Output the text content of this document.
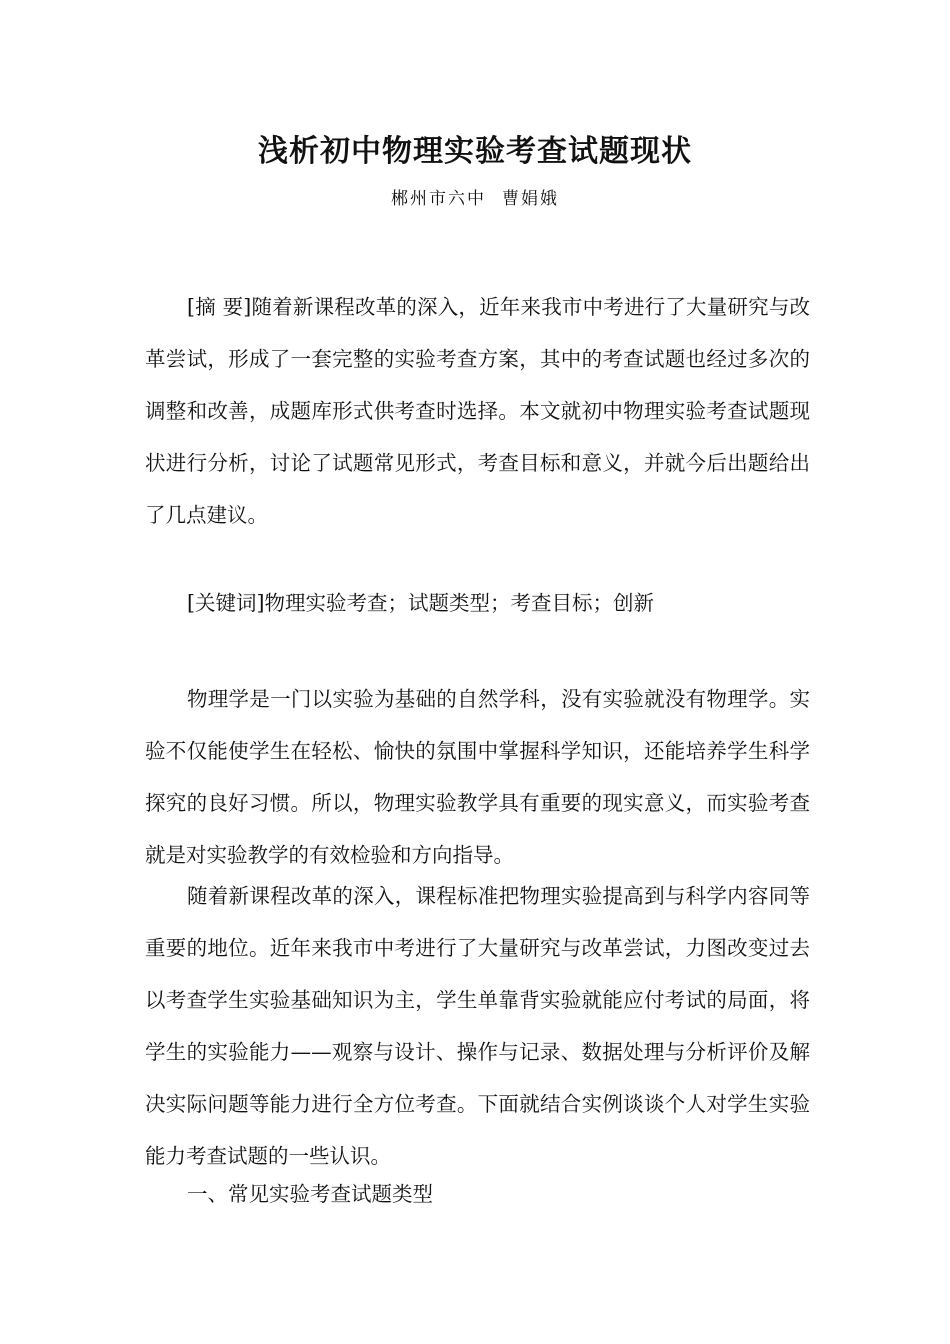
浅析初中物理实验考查试题现状
郴州市六中 曹娟娥

[摘 要]随着新课程改革的深入，近年来我市中考进行了大量研究与改革尝试，形成了一套完整的实验考查方案，其中的考查试题也经过多次的调整和改善，成题库形式供考查时选择。本文就初中物理实验考查试题现状进行分析，讨论了试题常见形式，考查目标和意义，并就今后出题给出了几点建议。

[关键词]物理实验考查；试题类型；考查目标；创新

物理学是一门以实验为基础的自然学科，没有实验就没有物理学。实验不仅能使学生在轻松、愉快的氛围中掌握科学知识，还能培养学生科学探究的良好习惯。所以，物理实验教学具有重要的现实意义，而实验考查就是对实验教学的有效检验和方向指导。

随着新课程改革的深入，课程标准把物理实验提高到与科学内容同等重要的地位。近年来我市中考进行了大量研究与改革尝试，力图改变过去以考查学生实验基础知识为主，学生单靠背实验就能应付考试的局面，将学生的实验能力——观察与设计、操作与记录、数据处理与分析评价及解决实际问题等能力进行全方位考查。下面就结合实例谈谈个人对学生实验能力考查试题的一些认识。

一、常见实验考查试题类型
